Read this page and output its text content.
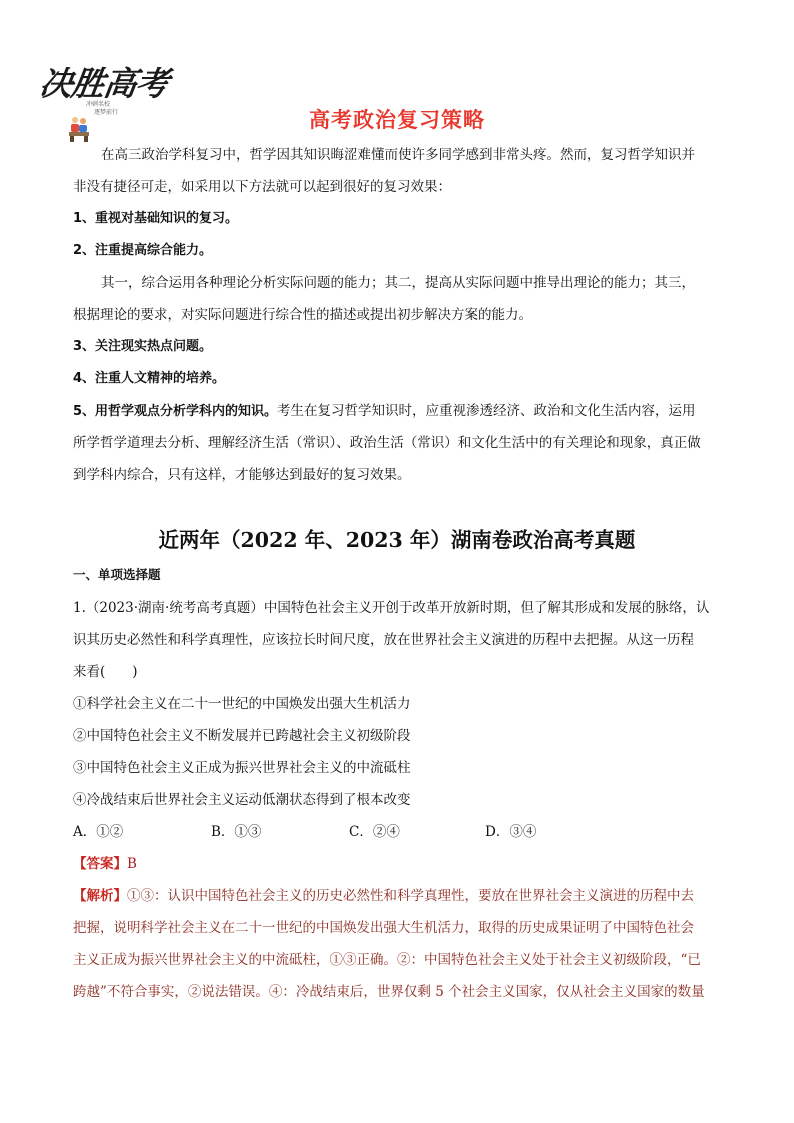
决胜高考
冲刺名校
逐梦前行	高考政治复习策略
在高三政治学科复习中，哲学因其知识晦涩难懂而使许多同学感到非常头疼。然而，复习哲学知识并
非没有捷径可走，如采用以下方法就可以起到很好的复习效果：
1、重视对基础知识的复习。
2、注重提高综合能力。
其一，综合运用各种理论分析实际问题的能力；其二，提高从实际问题中推导出理论的能力；其三，
根据理论的要求，对实际问题进行综合性的描述或提出初步解决方案的能力。
3、关注现实热点问题。
4、注重人文精神的培养。
5、用哲学观点分析学科内的知识。考生在复习哲学知识时，应重视渗透经济、政治和文化生活内容，运用
所学哲学道理去分析、理解经济生活（常识）、政治生活（常识）和文化生活中的有关理论和现象，真正做
到学科内综合，只有这样，才能够达到最好的复习效果。
近两年（2022 年、2023 年）湖南卷政治高考真题
一、单项选择题
1.（2023·湖南·统考高考真题）中国特色社会主义开创于改革开放新时期，但了解其形成和发展的脉络，认
识其历史必然性和科学真理性，应该拉长时间尺度，放在世界社会主义演进的历程中去把握。从这一历程
来看(　　)
①科学社会主义在二十一世纪的中国焕发出强大生机活力
②中国特色社会主义不断发展并已跨越社会主义初级阶段
③中国特色社会主义正成为振兴世界社会主义的中流砥柱
④冷战结束后世界社会主义运动低潮状态得到了根本改变
A．①②	B．①③	C．②④	D．③④
【答案】B
【解析】①③：认识中国特色社会主义的历史必然性和科学真理性，要放在世界社会主义演进的历程中去
把握，说明科学社会主义在二十一世纪的中国焕发出强大生机活力，取得的历史成果证明了中国特色社会
主义正成为振兴世界社会主义的中流砥柱，①③正确。②：中国特色社会主义处于社会主义初级阶段，“已
跨越”不符合事实，②说法错误。④：冷战结束后，世界仅剩 5 个社会主义国家，仅从社会主义国家的数量
